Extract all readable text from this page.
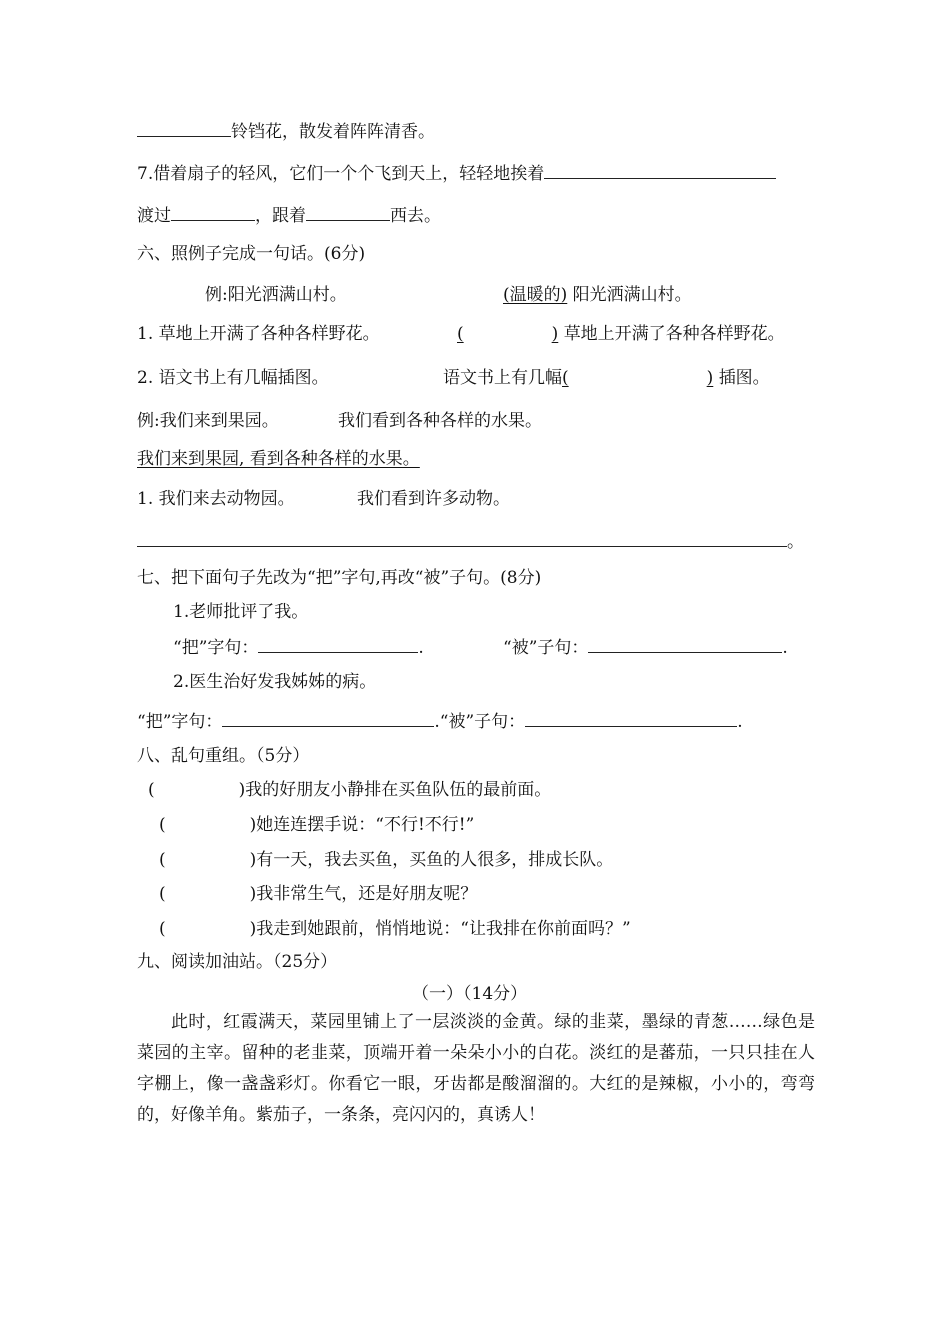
铃铛花，散发着阵阵清香。
7.借着扇子的轻风，它们一个个飞到天上，轻轻地挨着
渡过	，跟着	西去。
六、照例子完成一句话。(6分)
例:阳光洒满山村。	(温暖的) 阳光洒满山村。
1. 草地上开满了各种各样野花。	(	) 草地上开满了各种各样野花。
2. 语文书上有几幅插图。	语文书上有几幅(	) 插图。
例:我们来到果园。	我们看到各种各样的水果。
我们来到果园, 看到各种各样的水果。
1. 我们来去动物园。	我们看到许多动物。
。
七、把下面句子先改为“把”字句,再改“被”子句。(8分)
1.老师批评了我。
“把”字句：	.	“被”子句：	.
2.医生治好发我姊姊的病。
“把”字句：	.“被”子句：	.
八、乱句重组。（5分）
(	)我的好朋友小静排在买鱼队伍的最前面。
(	)她连连摆手说：“不行!不行!”
(	)有一天，我去买鱼，买鱼的人很多，排成长队。
(	)我非常生气，还是好朋友呢？
(	)我走到她跟前，悄悄地说：“让我排在你前面吗？”
九、阅读加油站。（25分）
（一）（14分）
此时，红霞满天，菜园里铺上了一层淡淡的金黄。绿的韭菜，墨绿的青葱……绿色是菜园的主宰。留种的老韭菜，顶端开着一朵朵小小的白花。淡红的是蕃茄，一只只挂在人字棚上，像一盏盏彩灯。你看它一眼，牙齿都是酸溜溜的。大红的是辣椒，小小的，弯弯的，好像羊角。紫茄子，一条条，亮闪闪的，真诱人！
